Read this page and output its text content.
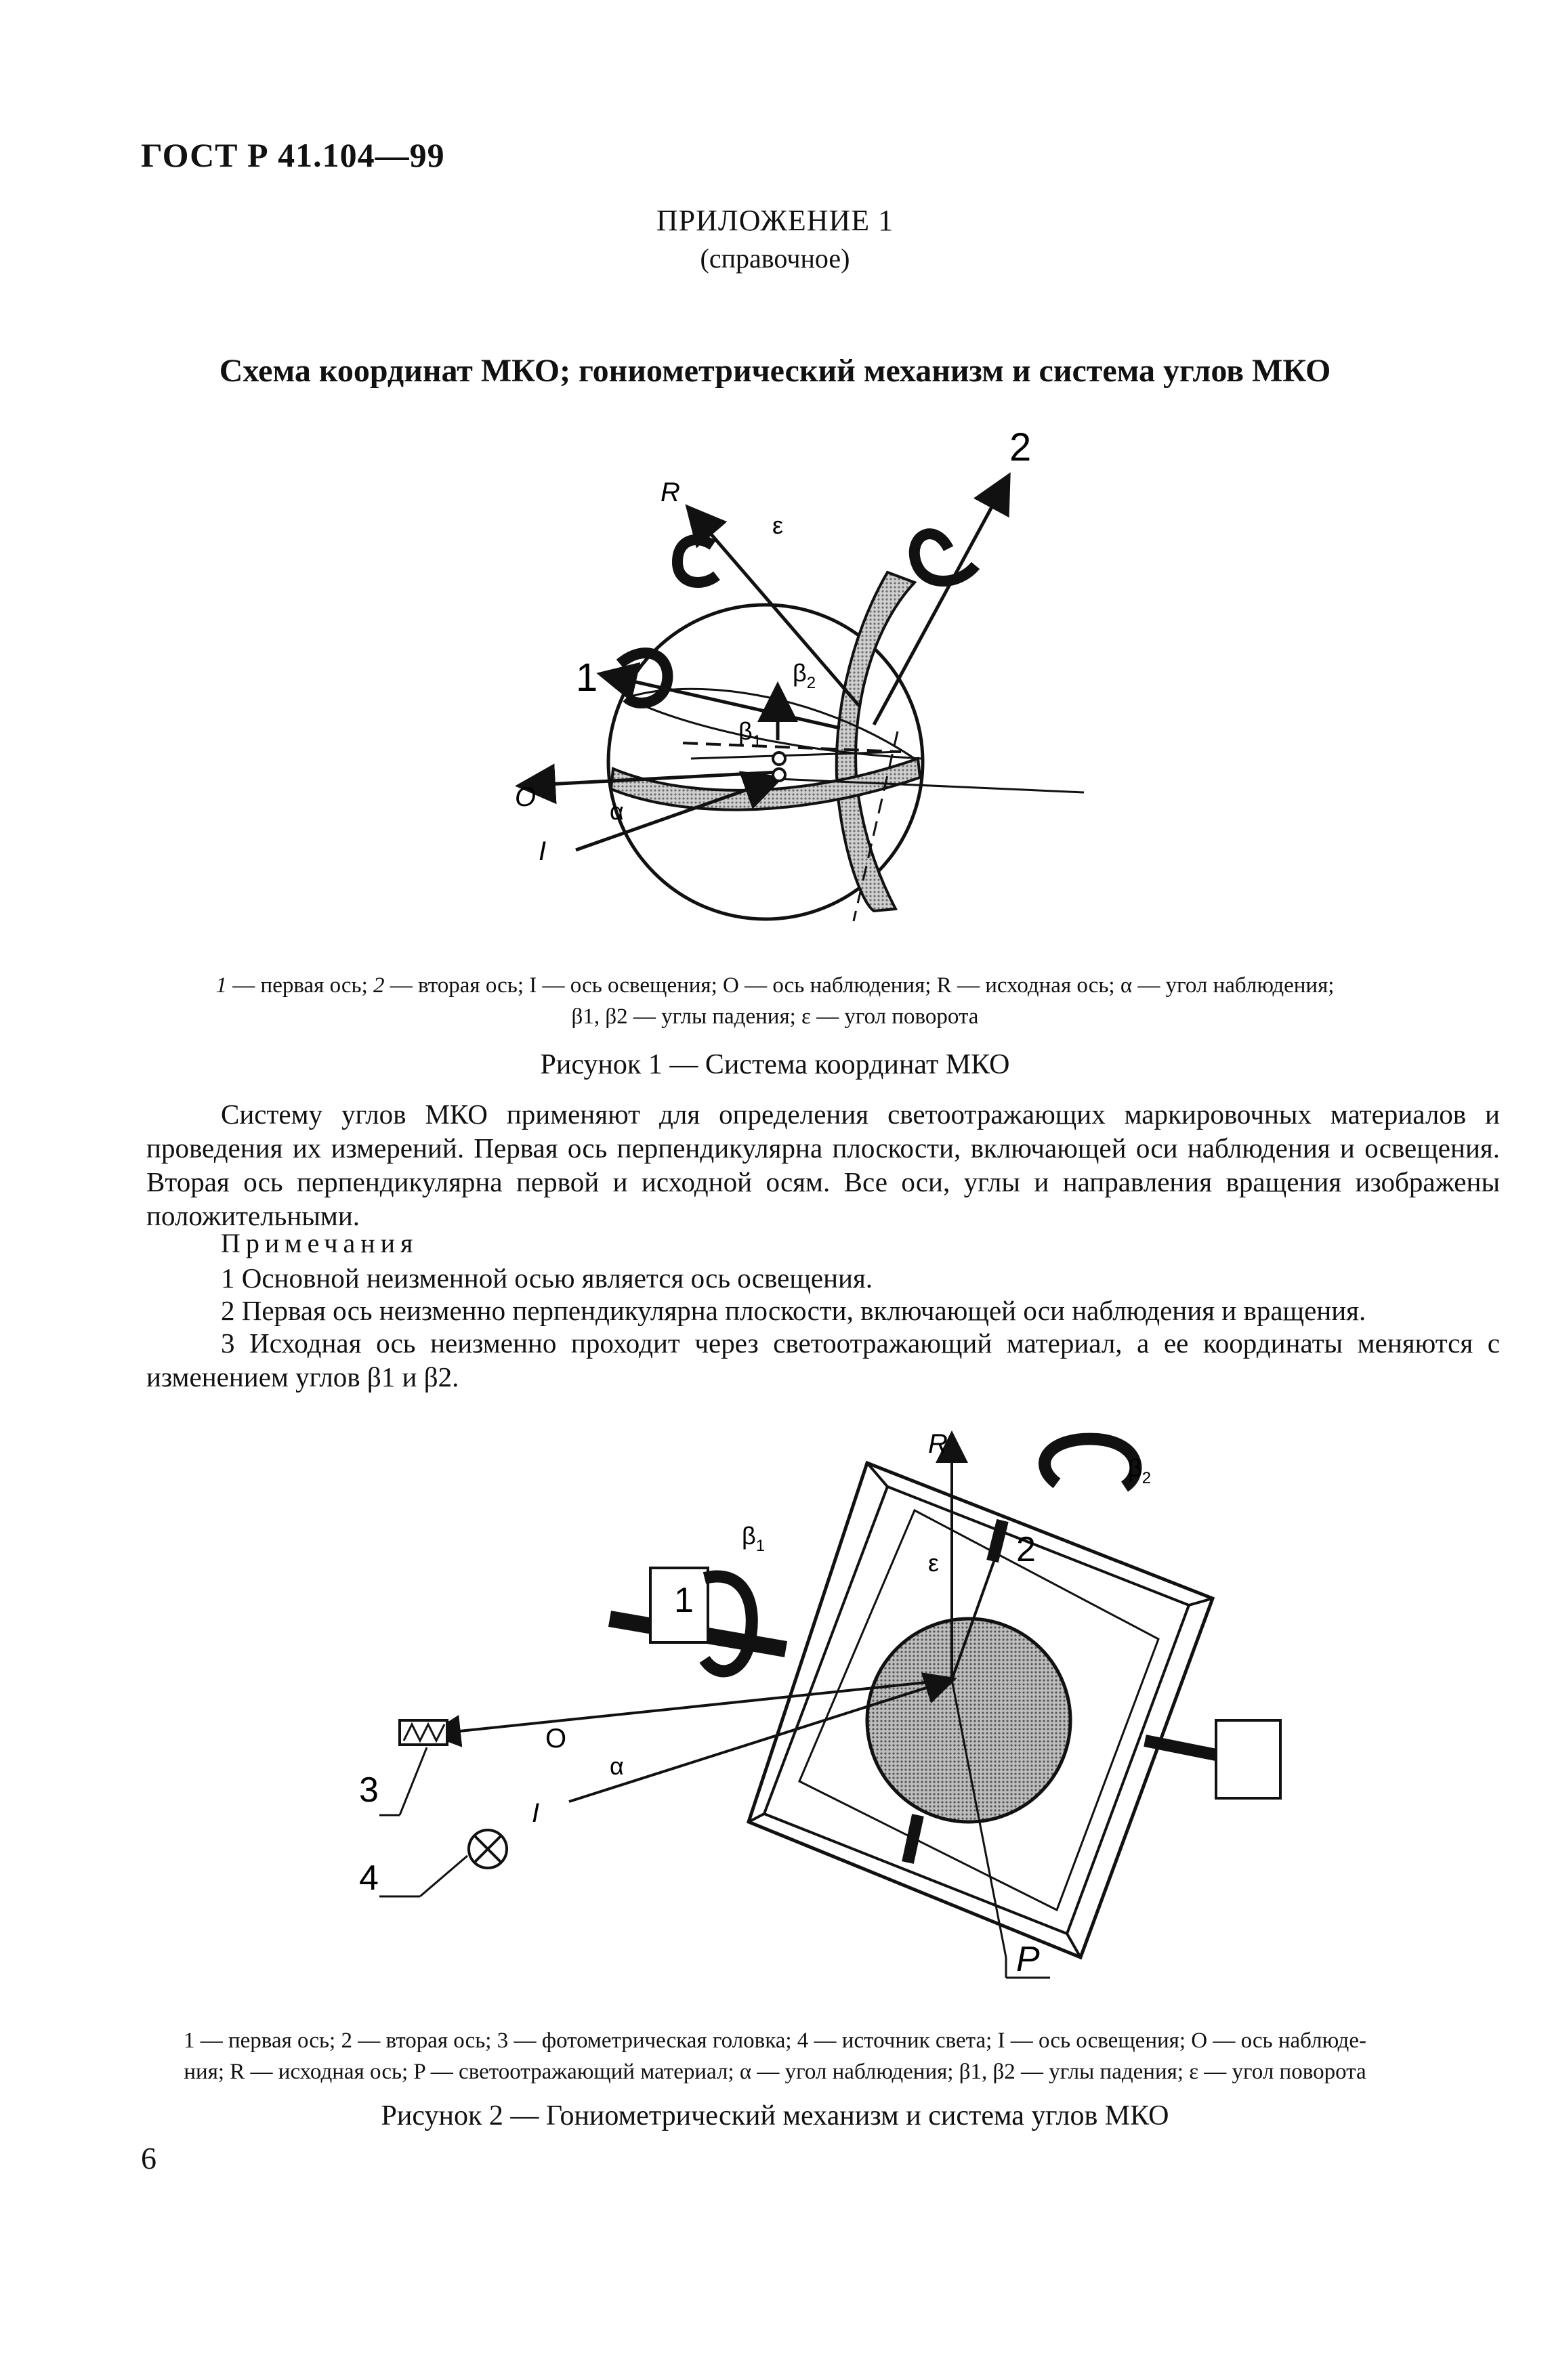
ГОСТ Р 41.104—99
ПРИЛОЖЕНИЕ 1
(справочное)
Схема координат МКО; гониометрический механизм и система углов МКО
R
2
1
ε
$\beta_2$
$\beta_1$
O	α
I
1 — первая ось; 2 — вторая ось; I — ось освещения; O — ось наблюдения; R — исходная ось; α — угол наблюдения;
β1, β2 — углы падения; ε — угол поворота
Рисунок 1 — Система координат МКО
Систему углов МКО применяют для определения светоотражающих маркировочных материалов и проведения их измерений. Первая ось перпендикулярна плоскости, включающей оси наблюдения и освещения. Вторая ось перпендикулярна первой и исходной осям. Все оси, углы и направления вращения изображены положительными.
Примечания
1 Основной неизменной осью является ось освещения.
2 Первая ось неизменно перпендикулярна плоскости, включающей оси наблюдения и вращения.
3 Исходная ось неизменно проходит через светоотражающий материал, а ее координаты меняются с изменением углов β1 и β2.
R
$\beta_2$
$\beta_1$
ε
1
2
3
4
O
α
I
P
1 — первая ось; 2 — вторая ось; 3 — фотометрическая головка; 4 — источник света; I — ось освещения; O — ось наблюде-
ния; R — исходная ось; P — светоотражающий материал; α — угол наблюдения; β1, β2 — углы падения; ε — угол поворота
Рисунок 2 — Гониометрический механизм и система углов МКО
6
